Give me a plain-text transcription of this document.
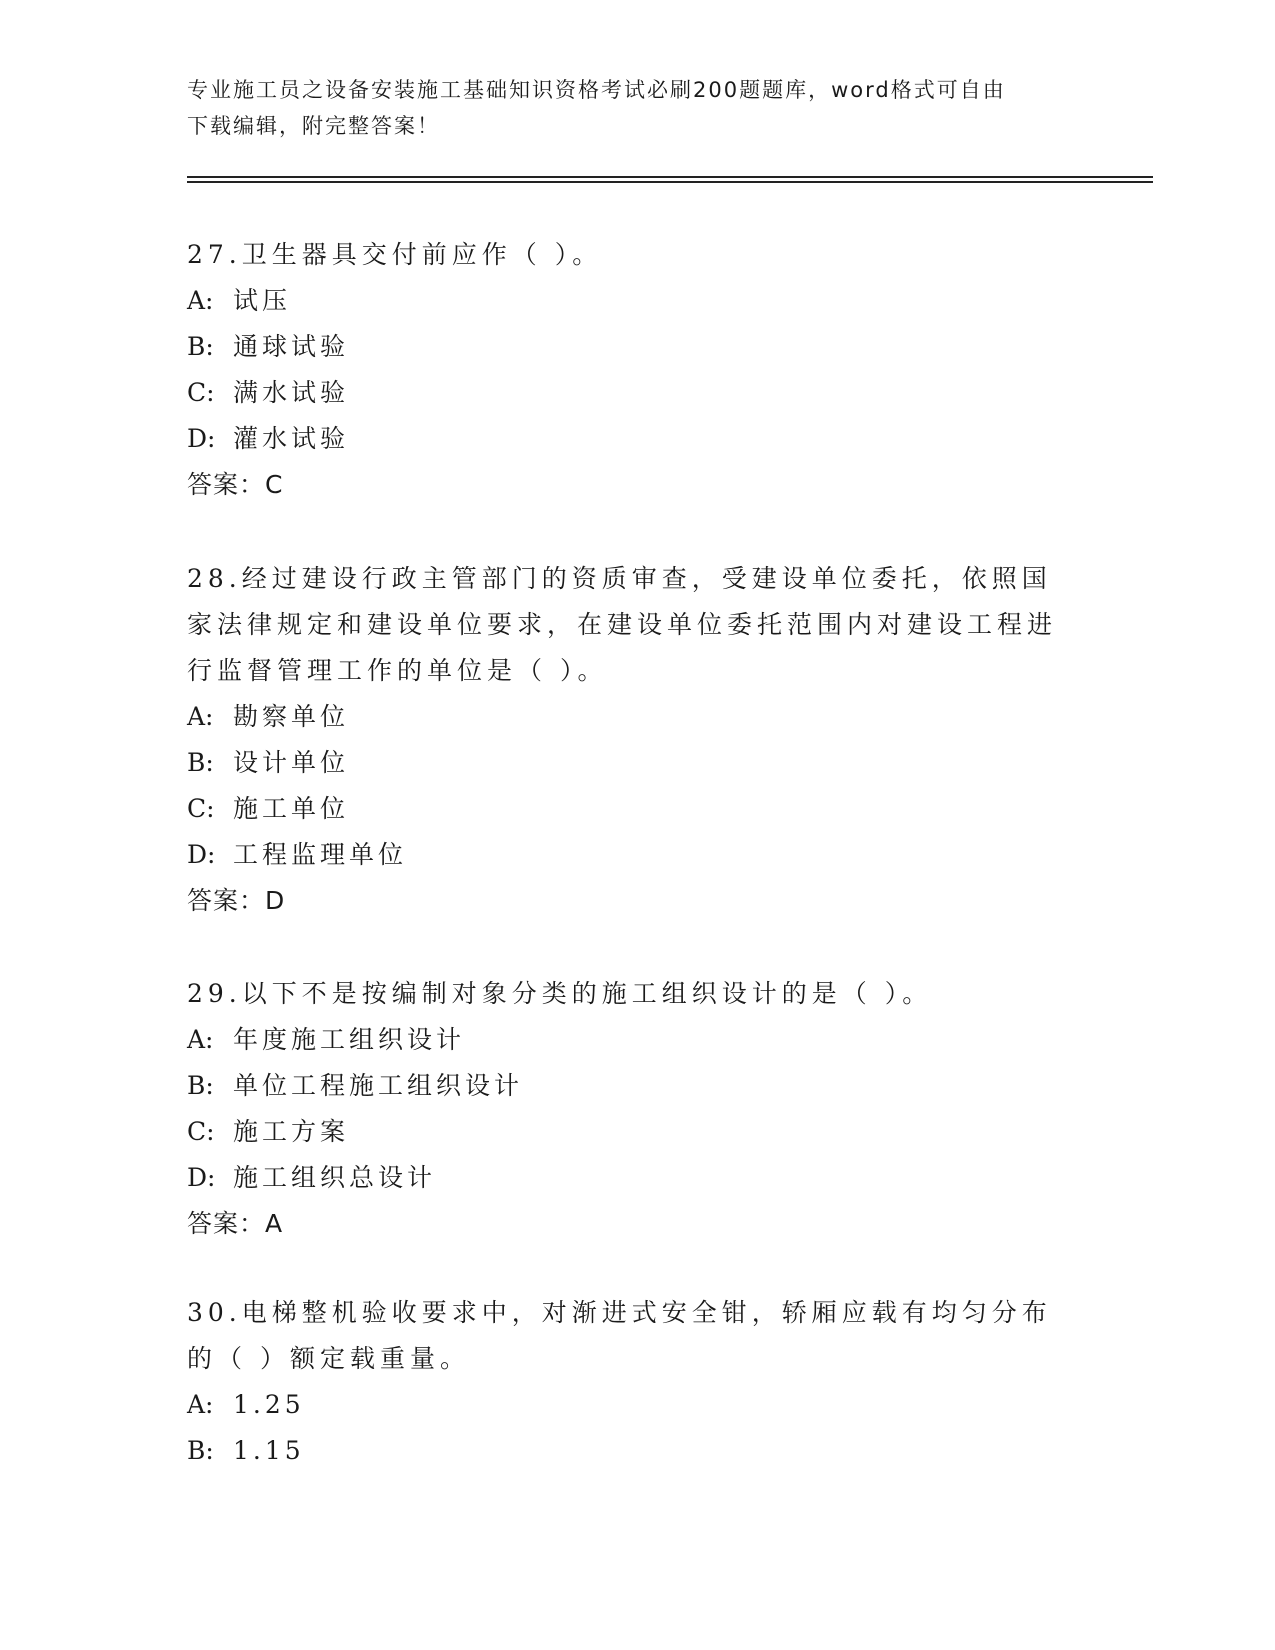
专业施工员之设备安装施工基础知识资格考试必刷200题题库，word格式可自由
下载编辑，附完整答案！
27.卫生器具交付前应作（ ）。
A: 试压
B: 通球试验
C: 满水试验
D: 灌水试验
答案：C
28.经过建设行政主管部门的资质审查，受建设单位委托，依照国家法律规定和建设单位要求，在建设单位委托范围内对建设工程进行监督管理工作的单位是（ ）。
A: 勘察单位
B: 设计单位
C: 施工单位
D: 工程监理单位
答案：D
29.以下不是按编制对象分类的施工组织设计的是（ ）。
A: 年度施工组织设计
B: 单位工程施工组织设计
C: 施工方案
D: 施工组织总设计
答案：A
30.电梯整机验收要求中，对渐进式安全钳，轿厢应载有均匀分布的（ ）额定载重量。
A: 1.25
B: 1.15
